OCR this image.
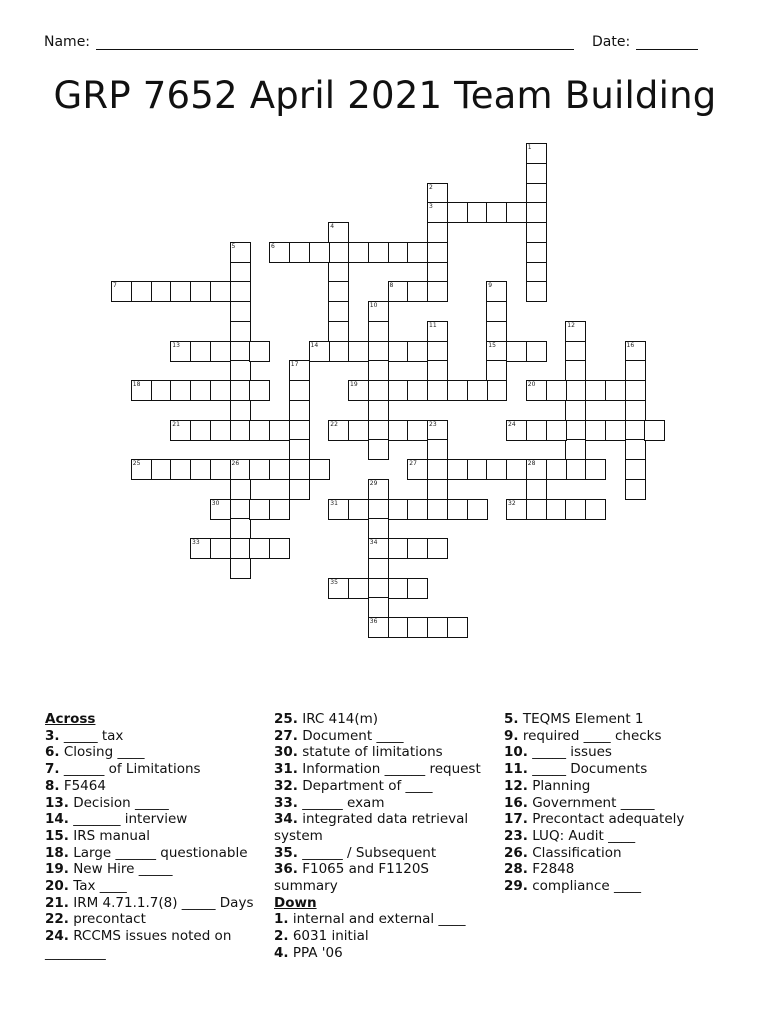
Name:	Date:
GRP 7652 April 2021 Team Building
1
2
3
4
5	6
7	8	9
15
10
11	12
13	14	16
17
18	19	20
21	22	23	24
25	26	27	28
29
34
36
30	31	32
33
35
Across
3. _____ tax
6. Closing ____
7. ______ of Limitations
8. F5464
13. Decision _____
14. _______ interview
15. IRS manual
18. Large ______ questionable
19. New Hire _____
20. Tax ____
21. IRM 4.71.1.7(8) _____ Days
22. precontact
24. RCCMS issues noted on _________
25. IRC 414(m)
27. Document ____
30. statute of limitations
31. Information ______ request
32. Department of ____
33. ______ exam
34. integrated data retrieval system
35. ______ / Subsequent
36. F1065 and F1120S summary
Down
1. internal and external ____
2. 6031 initial
4. PPA '06
5. TEQMS Element 1
9. required ____ checks
10. _____ issues
11. _____ Documents
12. Planning
16. Government _____
17. Precontact adequately
23. LUQ: Audit ____
26. Classification
28. F2848
29. compliance ____
